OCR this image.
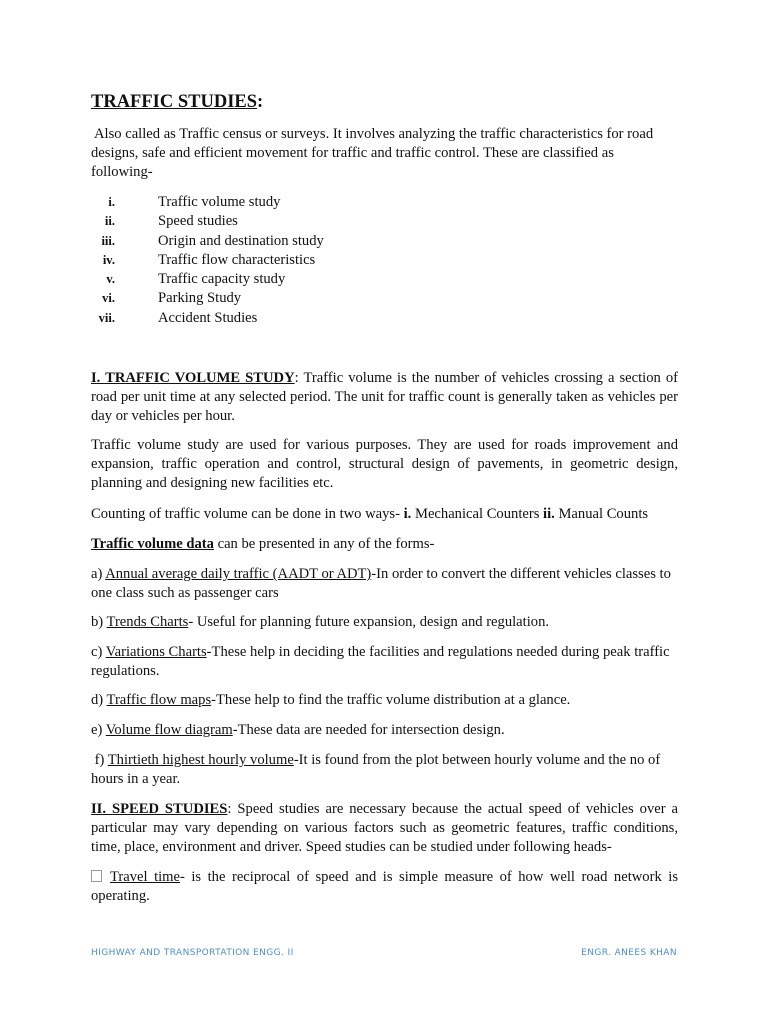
TRAFFIC STUDIES:

Also called as Traffic census or surveys. It involves analyzing the traffic characteristics for road designs, safe and efficient movement for traffic and traffic control. These are classified as following-

i.	Traffic volume study
ii.	Speed studies
iii.	Origin and destination study
iv.	Traffic flow characteristics
v.	Traffic capacity study
vi.	Parking Study
vii.	Accident Studies

I. TRAFFIC VOLUME STUDY: Traffic volume is the number of vehicles crossing a section of road per unit time at any selected period. The unit for traffic count is generally taken as vehicles per day or vehicles per hour.

Traffic volume study are used for various purposes. They are used for roads improvement and expansion, traffic operation and control, structural design of pavements, in geometric design, planning and designing new facilities etc.

Counting of traffic volume can be done in two ways- i. Mechanical Counters ii. Manual Counts

Traffic volume data can be presented in any of the forms-

a) Annual average daily traffic (AADT or ADT)-In order to convert the different vehicles classes to one class such as passenger cars

b) Trends Charts- Useful for planning future expansion, design and regulation.

c) Variations Charts-These help in deciding the facilities and regulations needed during peak traffic regulations.

d) Traffic flow maps-These help to find the traffic volume distribution at a glance.

e) Volume flow diagram-These data are needed for intersection design.

f) Thirtieth highest hourly volume-It is found from the plot between hourly volume and the no of hours in a year.

II. SPEED STUDIES: Speed studies are necessary because the actual speed of vehicles over a particular may vary depending on various factors such as geometric features, traffic conditions, time, place, environment and driver. Speed studies can be studied under following heads-

Travel time- is the reciprocal of speed and is simple measure of how well road network is operating.

HIGHWAY AND TRANSPORTATION ENGG. II	ENGR. ANEES KHAN
